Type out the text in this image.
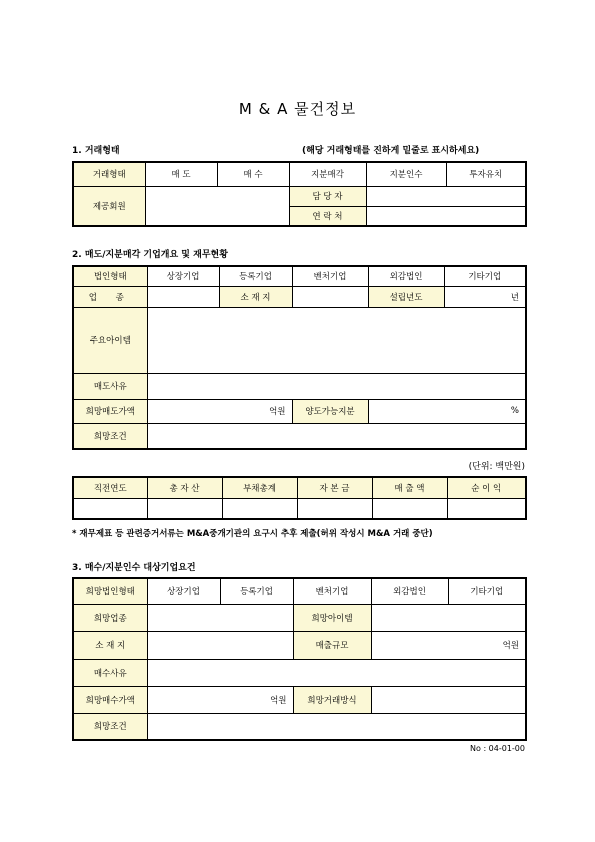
M & A 물건정보
1. 거래형태	(해당 거래형태를 진하게 밑줄로 표시하세요)
거래형태	매 도	매 수	지분매각	지분인수	투자유치
제공회원			담 당 자		
			연 락 처		
2. 매도/지분매각 기업개요 및 재무현황
법인형태	상장기업	등록기업	벤처기업	외감법인	기타기업
업 종		소 재 지		설립년도	년
주요아이템					
매도사유					
희망매도가액	억원		양도가능지분	%	
희망조건					
(단위: 백만원)
직전연도	총 자 산	부채총계	자 본 금	매 출 액	순 이 익

* 재무제표 등 관련증거서류는 M&A중개기관의 요구시 추후 제출(허위 작성시 M&A 거래 중단)
3. 매수/지분인수 대상기업요건
희망법인형태	상장기업	등록기업	벤처기업	외감법인	기타기업
희망업종			희망아이템		
소 재 지			매출규모	억원	
매수사유					
희망매수가액	억원		희망거래방식		
희망조건					
No : 04-01-00
